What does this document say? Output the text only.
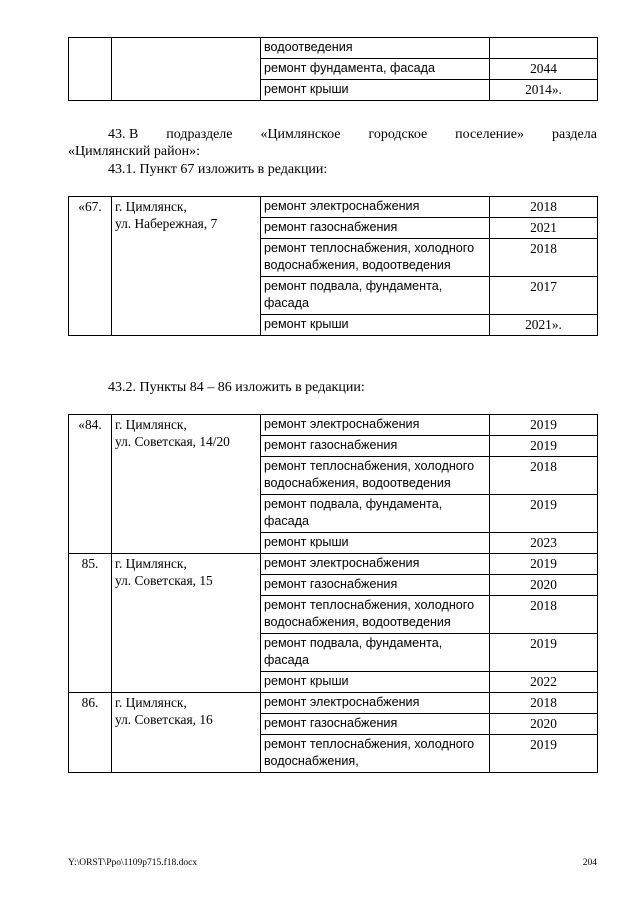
		водоотведения	
		ремонт фундамента, фасада	2044
		ремонт крыши	2014».
43. В подразделе «Цимлянское городское поселение» раздела

«Цимлянский район»:

43.1. Пункт 67 изложить в редакции:

«67.	г. Цимлянск,
ул. Набережная, 7	ремонт электроснабжения	2018
		ремонт газоснабжения	2021
		ремонт теплоснабжения, холодного водоснабжения, водоотведения	2018
		ремонт подвала, фундамента, фасада	2017
		ремонт крыши	2021».

43.2. Пункты 84 – 86 изложить в редакции:

«84.	г. Цимлянск,
ул. Советская, 14/20	ремонт электроснабжения	2019
		ремонт газоснабжения	2019
		ремонт теплоснабжения, холодного водоснабжения, водоотведения	2018
		ремонт подвала, фундамента, фасада	2019
		ремонт крыши	2023
85.	г. Цимлянск,
ул. Советская, 15	ремонт электроснабжения	2019
		ремонт газоснабжения	2020
		ремонт теплоснабжения, холодного водоснабжения, водоотведения	2018
		ремонт подвала, фундамента, фасада	2019
		ремонт крыши	2022
86.	г. Цимлянск,
ул. Советская, 16	ремонт электроснабжения	2018
		ремонт газоснабжения	2020
		ремонт теплоснабжения, холодного водоснабжения,	2019
Y:\ORST\Ppo\1109p715.f18.docx	204
